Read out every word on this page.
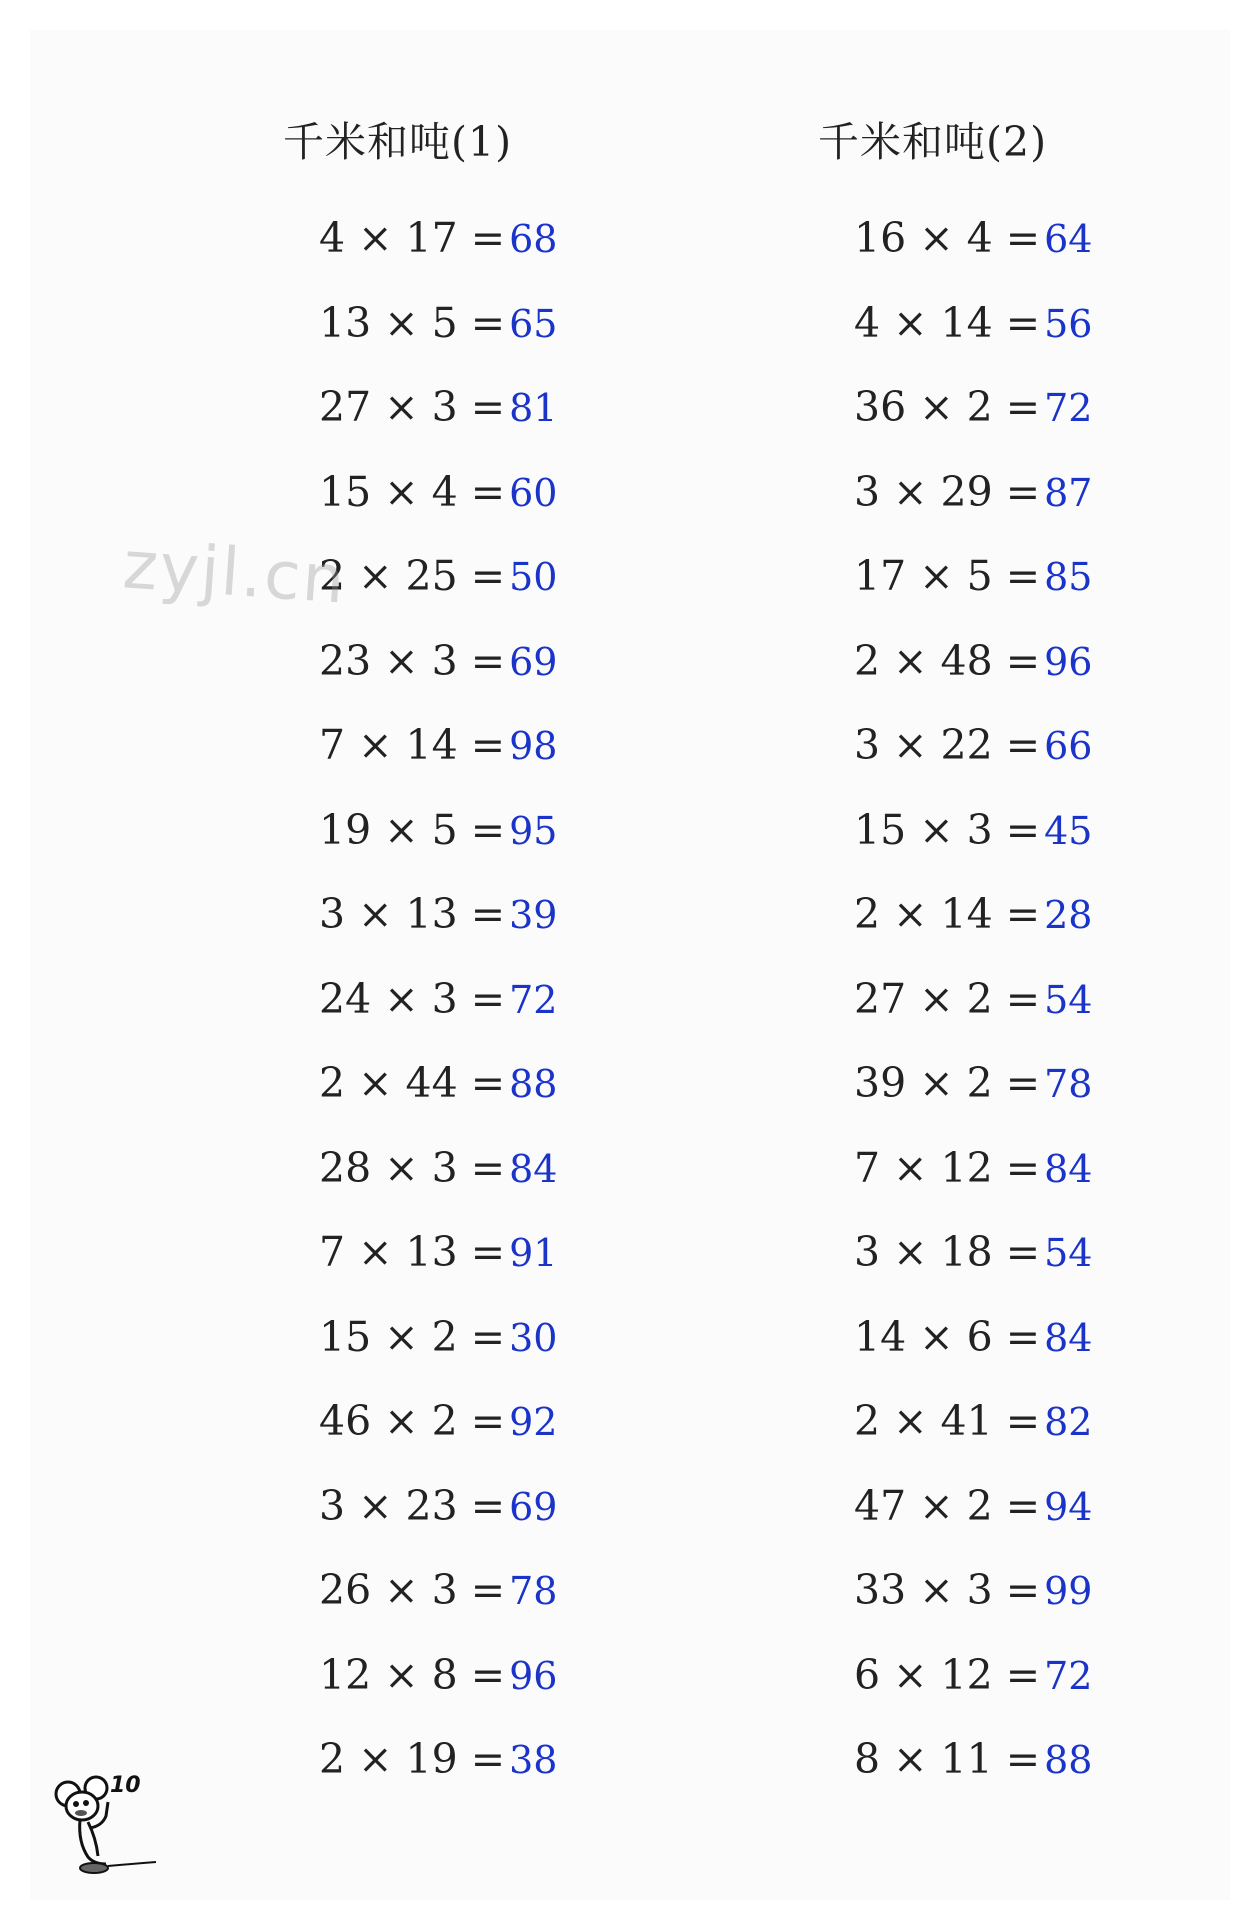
千米和吨(1)
4 × 17 = 68
13 × 5 = 65
27 × 3 = 81
15 × 4 = 60
2 × 25 = 50
23 × 3 = 69
7 × 14 = 98
19 × 5 = 95
3 × 13 = 39
24 × 3 = 72
2 × 44 = 88
28 × 3 = 84
7 × 13 = 91
15 × 2 = 30
46 × 2 = 92
3 × 23 = 69
26 × 3 = 78
12 × 8 = 96
2 × 19 = 38
千米和吨(2)
16 × 4 = 64
4 × 14 = 56
36 × 2 = 72
3 × 29 = 87
17 × 5 = 85
2 × 48 = 96
3 × 22 = 66
15 × 3 = 45
2 × 14 = 28
27 × 2 = 54
39 × 2 = 78
7 × 12 = 84
3 × 18 = 54
14 × 6 = 84
2 × 41 = 82
47 × 2 = 94
33 × 3 = 99
6 × 12 = 72
8 × 11 = 88
zyjl.cn
10
